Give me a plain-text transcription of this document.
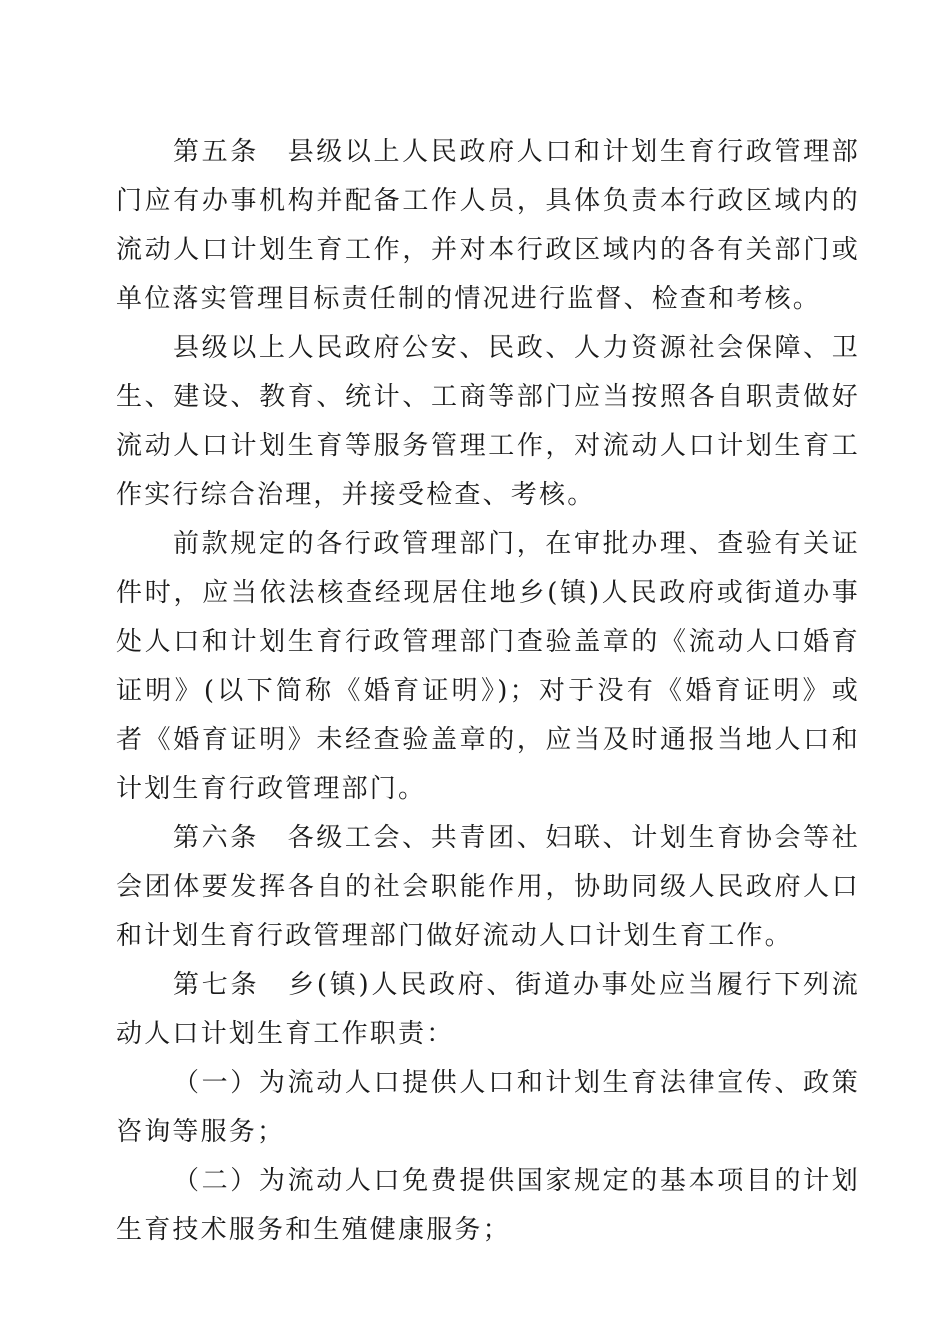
第五条　县级以上人民政府人口和计划生育行政管理部门应有办事机构并配备工作人员，具体负责本行政区域内的流动人口计划生育工作，并对本行政区域内的各有关部门或单位落实管理目标责任制的情况进行监督、检查和考核。

县级以上人民政府公安、民政、人力资源社会保障、卫生、建设、教育、统计、工商等部门应当按照各自职责做好流动人口计划生育等服务管理工作，对流动人口计划生育工作实行综合治理，并接受检查、考核。

前款规定的各行政管理部门，在审批办理、查验有关证件时，应当依法核查经现居住地乡(镇)人民政府或街道办事处人口和计划生育行政管理部门查验盖章的《流动人口婚育证明》(以下简称《婚育证明》)；对于没有《婚育证明》或者《婚育证明》未经查验盖章的，应当及时通报当地人口和计划生育行政管理部门。

第六条　各级工会、共青团、妇联、计划生育协会等社会团体要发挥各自的社会职能作用，协助同级人民政府人口和计划生育行政管理部门做好流动人口计划生育工作。

第七条　乡(镇)人民政府、街道办事处应当履行下列流动人口计划生育工作职责：

（一）为流动人口提供人口和计划生育法律宣传、政策咨询等服务；

（二）为流动人口免费提供国家规定的基本项目的计划生育技术服务和生殖健康服务；
